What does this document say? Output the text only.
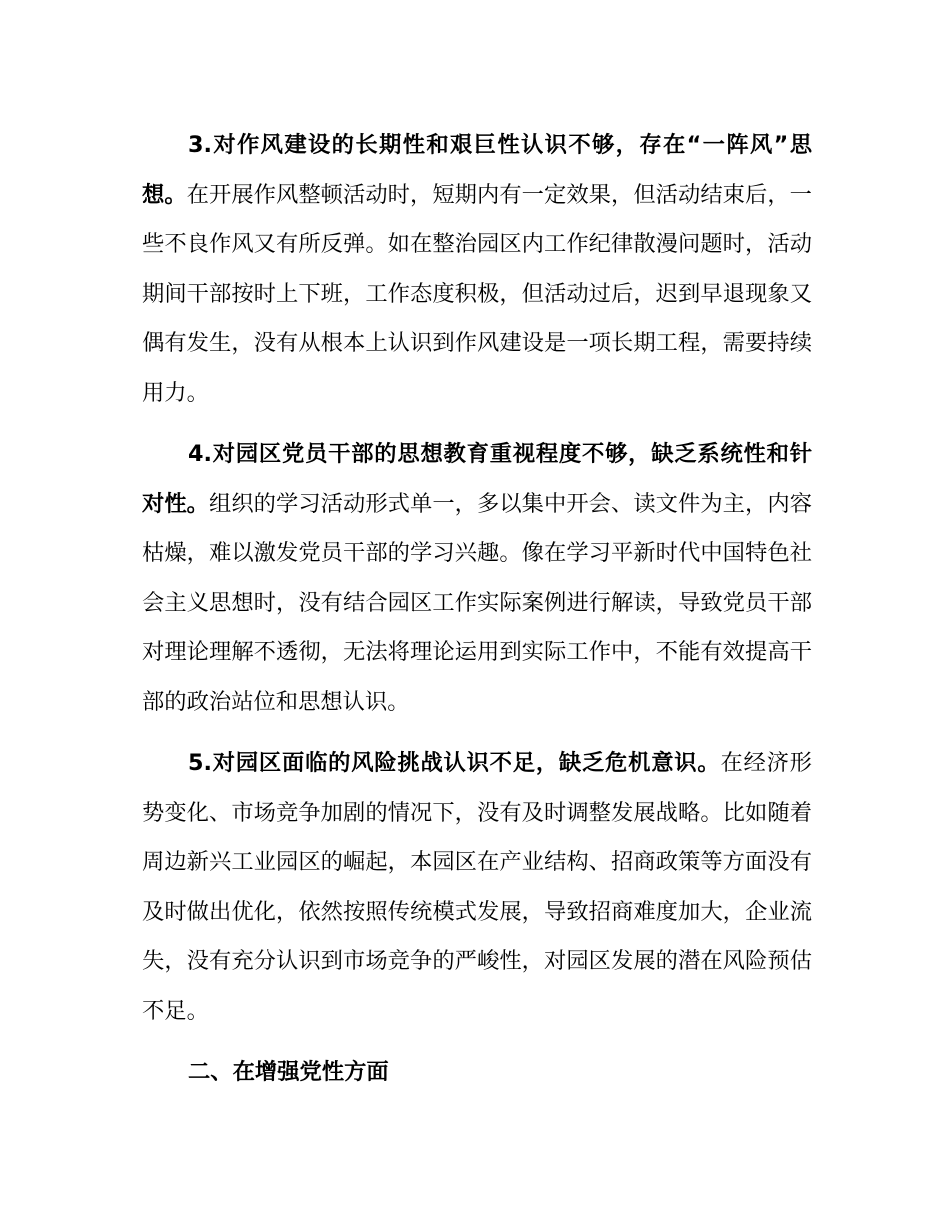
3.对作风建设的长期性和艰巨性认识不够，存在“一阵风”思想。在开展作风整顿活动时，短期内有一定效果，但活动结束后，一些不良作风又有所反弹。如在整治园区内工作纪律散漫问题时，活动期间干部按时上下班，工作态度积极，但活动过后，迟到早退现象又偶有发生，没有从根本上认识到作风建设是一项长期工程，需要持续用力。

4.对园区党员干部的思想教育重视程度不够，缺乏系统性和针对性。组织的学习活动形式单一，多以集中开会、读文件为主，内容枯燥，难以激发党员干部的学习兴趣。像在学习平新时代中国特色社会主义思想时，没有结合园区工作实际案例进行解读，导致党员干部对理论理解不透彻，无法将理论运用到实际工作中，不能有效提高干部的政治站位和思想认识。

5.对园区面临的风险挑战认识不足，缺乏危机意识。在经济形势变化、市场竞争加剧的情况下，没有及时调整发展战略。比如随着周边新兴工业园区的崛起，本园区在产业结构、招商政策等方面没有及时做出优化，依然按照传统模式发展，导致招商难度加大，企业流失，没有充分认识到市场竞争的严峻性，对园区发展的潜在风险预估不足。

二、在增强党性方面
